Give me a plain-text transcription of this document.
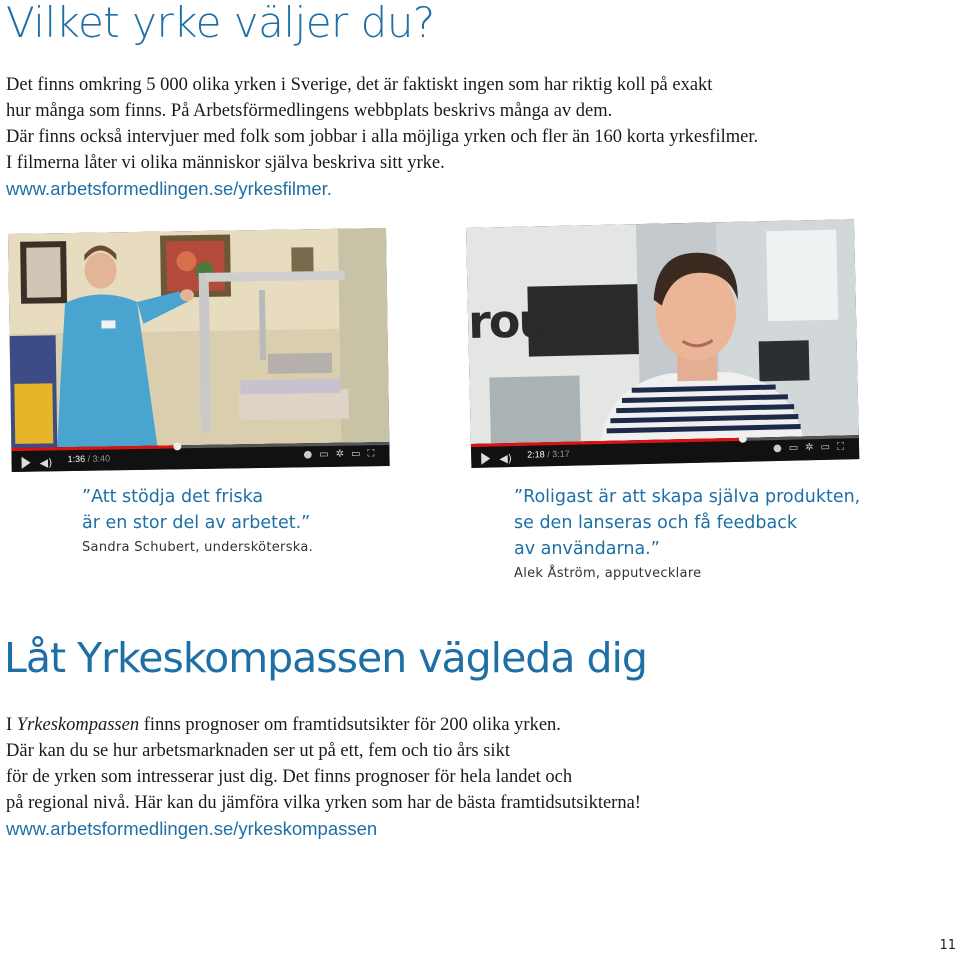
Vilket yrke väljer du?
Det finns omkring 5 000 olika yrken i Sverige, det är faktiskt ingen som har riktig koll på exakt
hur många som finns. På Arbetsförmedlingens webbplats beskrivs många av dem.
Där finns också intervjuer med folk som jobbar i alla möjliga yrken och fler än 160 korta yrkesfilmer.
I filmerna låter vi olika människor själva beskriva sitt yrke.
www.arbetsformedlingen.se/yrkesfilmer.
◀) 1:36 / 3:40	●▭✲▭⛶
roup
◀) 2:18 / 3:17	●▭✲▭⛶
”Att stödja det friska
är en stor del av arbetet.”
Sandra Schubert, undersköterska.
”Roligast är att skapa själva produkten,
se den lanseras och få feedback
av användarna.”
Alek Åström, apputvecklare
Låt Yrkeskompassen vägleda dig
I Yrkeskompassen finns prognoser om framtidsutsikter för 200 olika yrken.
Där kan du se hur arbetsmarknaden ser ut på ett, fem och tio års sikt
för de yrken som intresserar just dig. Det finns prognoser för hela landet och
på regional nivå. Här kan du jämföra vilka yrken som har de bästa framtidsutsikterna!
www.arbetsformedlingen.se/yrkeskompassen
11
